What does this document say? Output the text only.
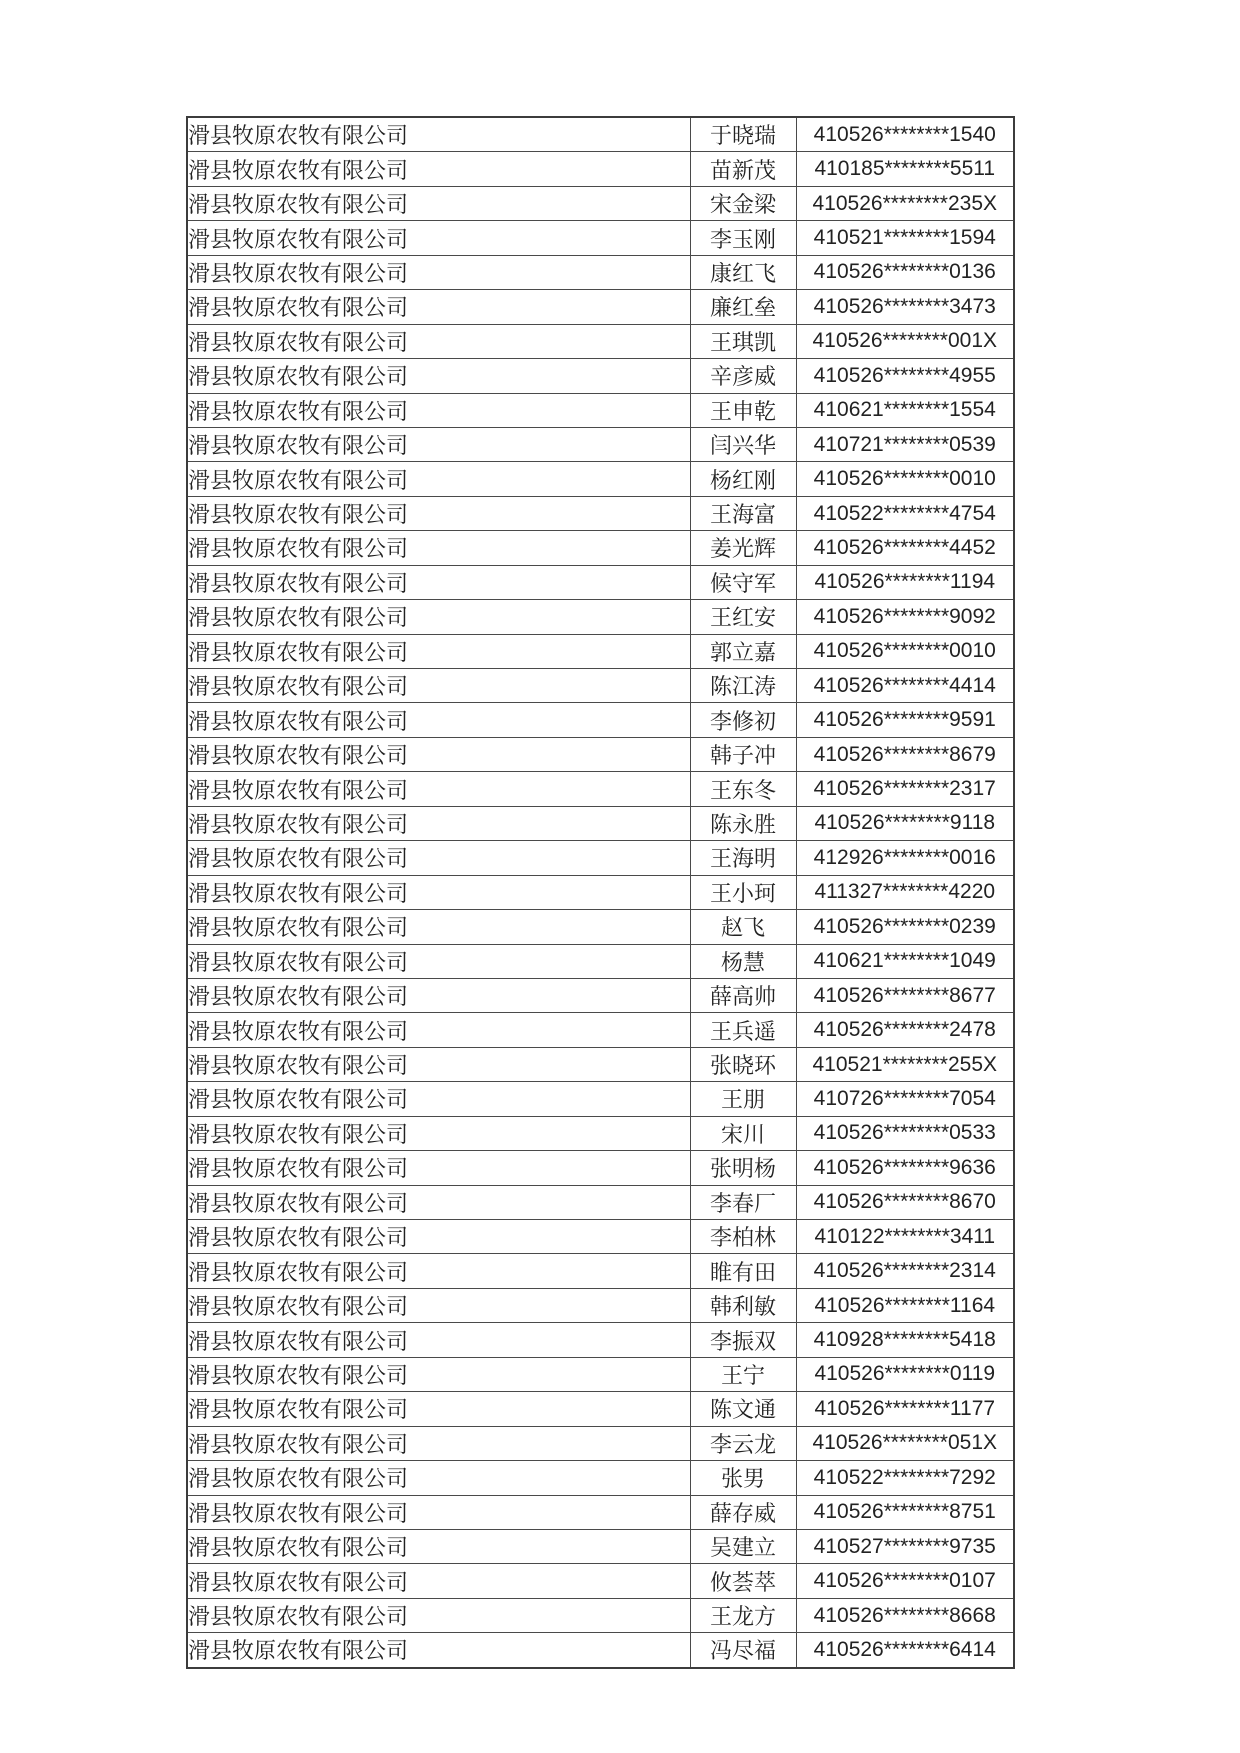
滑县牧原农牧有限公司	于晓瑞	410526********1540
滑县牧原农牧有限公司	苗新茂	410185********5511
滑县牧原农牧有限公司	宋金梁	410526********235X
滑县牧原农牧有限公司	李玉刚	410521********1594
滑县牧原农牧有限公司	康红飞	410526********0136
滑县牧原农牧有限公司	廉红垒	410526********3473
滑县牧原农牧有限公司	王琪凯	410526********001X
滑县牧原农牧有限公司	辛彦威	410526********4955
滑县牧原农牧有限公司	王申乾	410621********1554
滑县牧原农牧有限公司	闫兴华	410721********0539
滑县牧原农牧有限公司	杨红刚	410526********0010
滑县牧原农牧有限公司	王海富	410522********4754
滑县牧原农牧有限公司	姜光辉	410526********4452
滑县牧原农牧有限公司	候守军	410526********1194
滑县牧原农牧有限公司	王红安	410526********9092
滑县牧原农牧有限公司	郭立嘉	410526********0010
滑县牧原农牧有限公司	陈江涛	410526********4414
滑县牧原农牧有限公司	李修初	410526********9591
滑县牧原农牧有限公司	韩子冲	410526********8679
滑县牧原农牧有限公司	王东冬	410526********2317
滑县牧原农牧有限公司	陈永胜	410526********9118
滑县牧原农牧有限公司	王海明	412926********0016
滑县牧原农牧有限公司	王小珂	411327********4220
滑县牧原农牧有限公司	赵飞	410526********0239
滑县牧原农牧有限公司	杨慧	410621********1049
滑县牧原农牧有限公司	薛高帅	410526********8677
滑县牧原农牧有限公司	王兵遥	410526********2478
滑县牧原农牧有限公司	张晓环	410521********255X
滑县牧原农牧有限公司	王朋	410726********7054
滑县牧原农牧有限公司	宋川	410526********0533
滑县牧原农牧有限公司	张明杨	410526********9636
滑县牧原农牧有限公司	李春厂	410526********8670
滑县牧原农牧有限公司	李柏林	410122********3411
滑县牧原农牧有限公司	睢有田	410526********2314
滑县牧原农牧有限公司	韩利敏	410526********1164
滑县牧原农牧有限公司	李振双	410928********5418
滑县牧原农牧有限公司	王宁	410526********0119
滑县牧原农牧有限公司	陈文通	410526********1177
滑县牧原农牧有限公司	李云龙	410526********051X
滑县牧原农牧有限公司	张男	410522********7292
滑县牧原农牧有限公司	薛存威	410526********8751
滑县牧原农牧有限公司	吴建立	410527********9735
滑县牧原农牧有限公司	攸荟萃	410526********0107
滑县牧原农牧有限公司	王龙方	410526********8668
滑县牧原农牧有限公司	冯尽福	410526********6414
